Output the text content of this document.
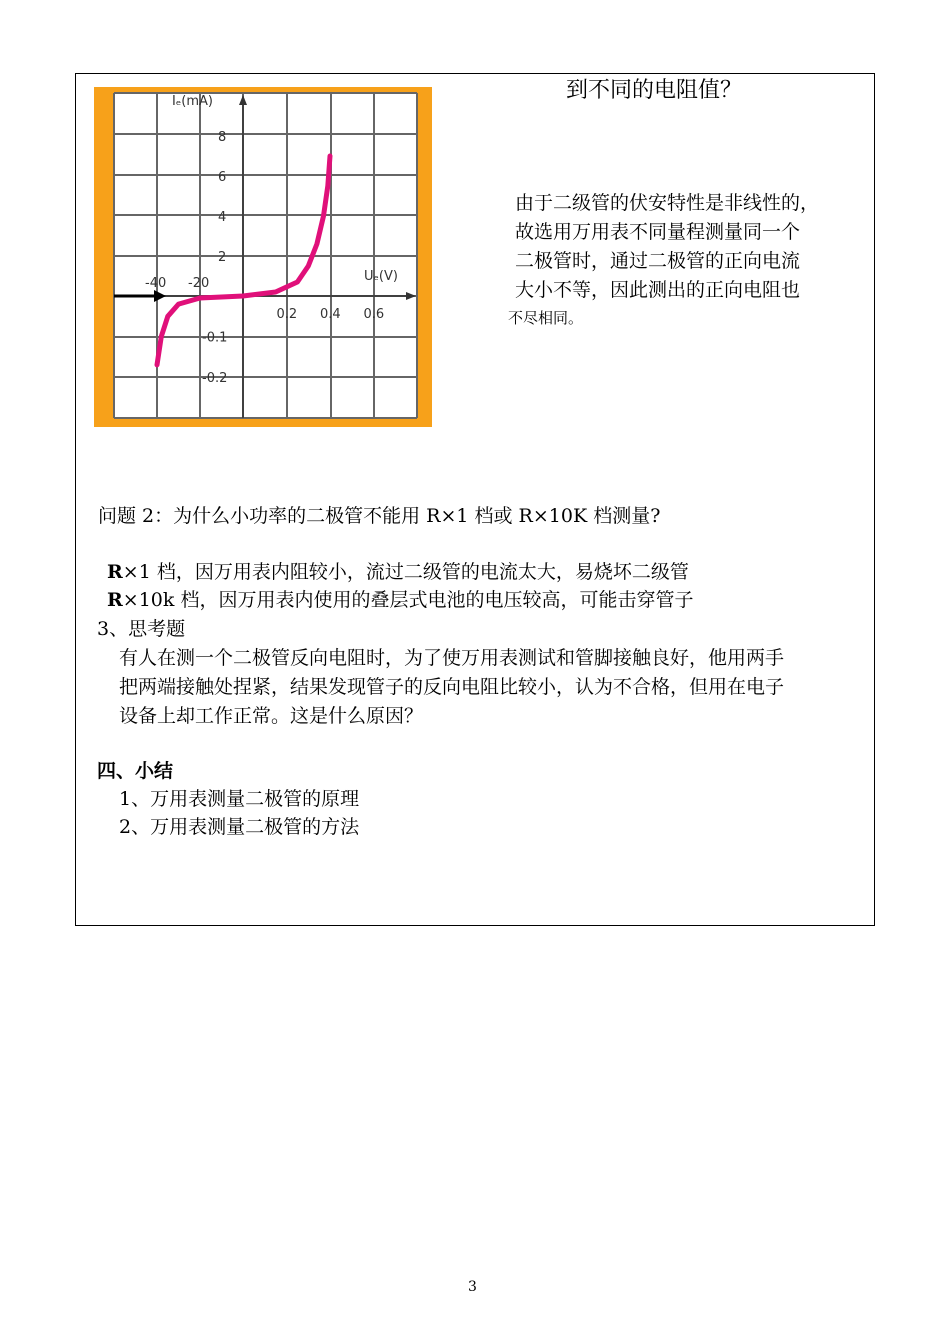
0.2 0.4 0.6
-40 -20
8
6
4
2
-0.1
-0.2
Iₑ(mA)
Uₑ(V)
到不同的电阻值？
由于二级管的伏安特性是非线性的，
故选用万用表不同量程测量同一个
二极管时，通过二极管的正向电流
大小不等，因此测出的正向电阻也
不尽相同。
问题 2：为什么小功率的二极管不能用 R×1 档或 R×10K 档测量?
R×1 档，因万用表内阻较小，流过二级管的电流太大，易烧坏二级管
R×10k 档，因万用表内使用的叠层式电池的电压较高，可能击穿管子
3、思考题
有人在测一个二极管反向电阻时，为了使万用表测试和管脚接触良好，他用两手
把两端接触处捏紧，结果发现管子的反向电阻比较小，认为不合格，但用在电子
设备上却工作正常。这是什么原因？
四、小结
1、万用表测量二极管的原理
2、万用表测量二极管的方法
3
